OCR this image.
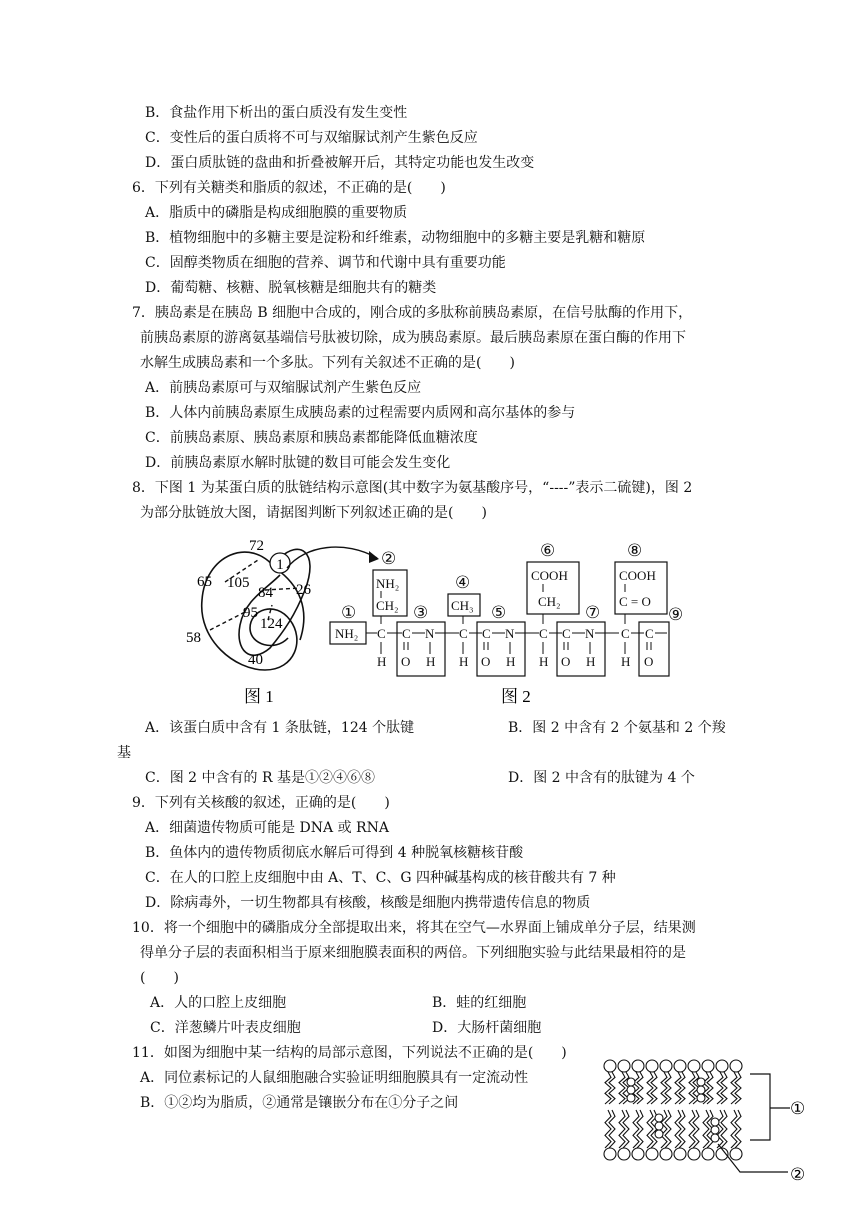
B．食盐作用下析出的蛋白质没有发生变性
C．变性后的蛋白质将不可与双缩脲试剂产生紫色反应
D．蛋白质肽链的盘曲和折叠被解开后，其特定功能也发生改变
6．下列有关糖类和脂质的叙述，不正确的是(　　)
A．脂质中的磷脂是构成细胞膜的重要物质
B．植物细胞中的多糖主要是淀粉和纤维素，动物细胞中的多糖主要是乳糖和糖原
C．固醇类物质在细胞的营养、调节和代谢中具有重要功能
D．葡萄糖、核糖、脱氧核糖是细胞共有的糖类
7．胰岛素是在胰岛 B 细胞中合成的，刚合成的多肽称前胰岛素原，在信号肽酶的作用下，
前胰岛素原的游离氨基端信号肽被切除，成为胰岛素原。最后胰岛素原在蛋白酶的作用下
水解生成胰岛素和一个多肽。下列有关叙述不正确的是(　　)
A．前胰岛素原可与双缩脲试剂产生紫色反应
B．人体内前胰岛素原生成胰岛素的过程需要内质网和高尔基体的参与
C．前胰岛素原、胰岛素原和胰岛素都能降低血糖浓度
D．前胰岛素原水解时肽键的数目可能会发生变化
8．下图 1 为某蛋白质的肽链结构示意图(其中数字为氨基酸序号，“----”表示二硫键)，图 2
为部分肽链放大图，请据图判断下列叙述正确的是(　　)
1
72
65 105
84 26
95
124
58
40
图 1
①
②
③
④
⑤
⑥
⑦
⑧
⑨
NH₂ C
H
NH₂
CH₂
C N
O H
CH₃
C
H
C N
O H
COOH
CH₂
C
H
C N
O H
COOH
C = O
C
H
C
O
图 2
A．该蛋白质中含有 1 条肽链，124 个肽键	B．图 2 中含有 2 个氨基和 2 个羧
基
C．图 2 中含有的 R 基是①②④⑥⑧	D．图 2 中含有的肽键为 4 个
9．下列有关核酸的叙述，正确的是(　　)
A．细菌遗传物质可能是 DNA 或 RNA
B．鱼体内的遗传物质彻底水解后可得到 4 种脱氧核糖核苷酸
C．在人的口腔上皮细胞中由 A、T、C、G 四种碱基构成的核苷酸共有 7 种
D．除病毒外，一切生物都具有核酸，核酸是细胞内携带遗传信息的物质
10．将一个细胞中的磷脂成分全部提取出来，将其在空气—水界面上铺成单分子层，结果测
得单分子层的表面积相当于原来细胞膜表面积的两倍。下列细胞实验与此结果最相符的是
(　　)
A．人的口腔上皮细胞	B．蛙的红细胞
C．洋葱鳞片叶表皮细胞	D．大肠杆菌细胞
11．如图为细胞中某一结构的局部示意图，下列说法不正确的是(　　)
A．同位素标记的人鼠细胞融合实验证明细胞膜具有一定流动性
B．①②均为脂质，②通常是镶嵌分布在①分子之间	①
②
